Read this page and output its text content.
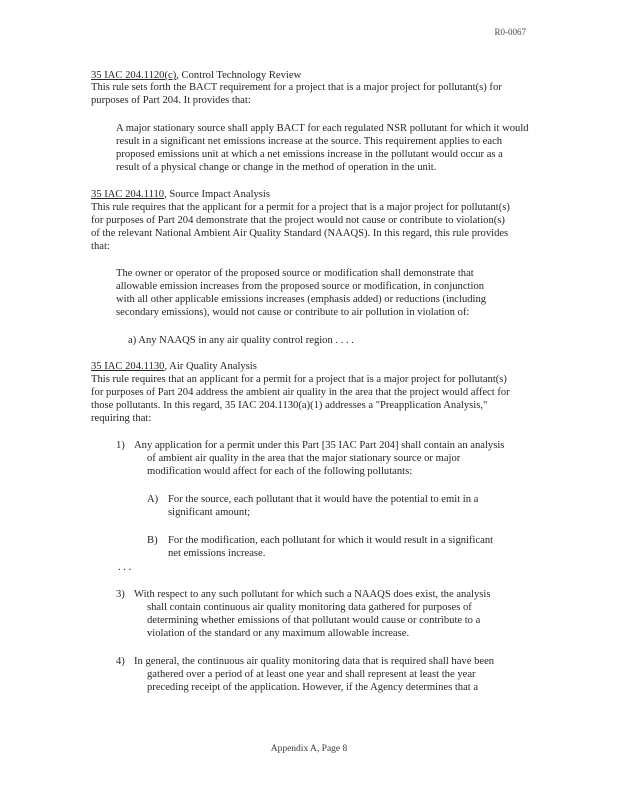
R0-0067
35 IAC 204.1120(c), Control Technology Review
This rule sets forth the BACT requirement for a project that is a major project for pollutant(s) for
purposes of Part 204. It provides that:
A major stationary source shall apply BACT for each regulated NSR pollutant for which it would
result in a significant net emissions increase at the source. This requirement applies to each
proposed emissions unit at which a net emissions increase in the pollutant would occur as a
result of a physical change or change in the method of operation in the unit.
35 IAC 204.1110, Source Impact Analysis
This rule requires that the applicant for a permit for a project that is a major project for pollutant(s)
for purposes of Part 204 demonstrate that the project would not cause or contribute to violation(s)
of the relevant National Ambient Air Quality Standard (NAAQS). In this regard, this rule provides
that:
The owner or operator of the proposed source or modification shall demonstrate that
allowable emission increases from the proposed source or modification, in conjunction
with all other applicable emissions increases (emphasis added) or reductions (including
secondary emissions), would not cause or contribute to air pollution in violation of:
a) Any NAAQS in any air quality control region . . . .
35 IAC 204.1130, Air Quality Analysis
This rule requires that an applicant for a permit for a project that is a major project for pollutant(s)
for purposes of Part 204 address the ambient air quality in the area that the project would affect for
those pollutants. In this regard, 35 IAC 204.1130(a)(1) addresses a "Preapplication Analysis,"
requiring that:
1) Any application for a permit under this Part [35 IAC Part 204] shall contain an analysis
of ambient air quality in the area that the major stationary source or major
modification would affect for each of the following pollutants:
A) For the source, each pollutant that it would have the potential to emit in a
significant amount;
B) For the modification, each pollutant for which it would result in a significant
net emissions increase.
. . .
3) With respect to any such pollutant for which such a NAAQS does exist, the analysis
shall contain continuous air quality monitoring data gathered for purposes of
determining whether emissions of that pollutant would cause or contribute to a
violation of the standard or any maximum allowable increase.
4) In general, the continuous air quality monitoring data that is required shall have been
gathered over a period of at least one year and shall represent at least the year
preceding receipt of the application. However, if the Agency determines that a
Appendix A, Page 8
